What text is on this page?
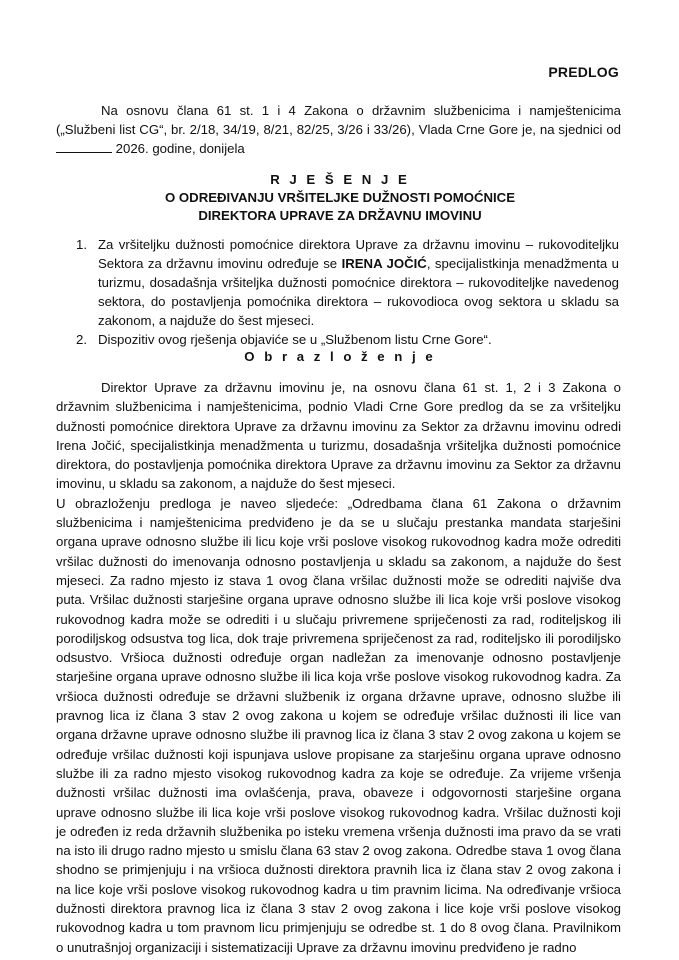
PREDLOG

Na osnovu člana 61 st. 1 i 4 Zakona o državnim službenicima i namještenicima („Službeni list CG“, br. 2/18, 34/19, 8/21, 82/25, 3/26 i 33/26), Vlada Crne Gore je, na sjednici od  2026. godine, donijela

R J E Š E N J E
O ODREĐIVANJU VRŠITELJKE DUŽNOSTI POMOĆNICE
DIREKTORA UPRAVE ZA DRŽAVNU IMOVINU
1. Za vršiteljku dužnosti pomoćnice direktora Uprave za državnu imovinu – rukovoditeljku Sektora za državnu imovinu određuje se IRENA JOČIĆ, specijalistkinja menadžmenta u turizmu, dosadašnja vršiteljka dužnosti pomoćnice direktora – rukovoditeljke navedenog sektora, do postavljenja pomoćnika direktora – rukovodioca ovog sektora u skladu sa zakonom, a najduže do šest mjeseci.
2. Dispozitiv ovog rješenja objaviće se u „Službenom listu Crne Gore“.
O b r a z l o ž e n j e

Direktor Uprave za državnu imovinu je, na osnovu člana 61 st. 1, 2 i 3 Zakona o državnim službenicima i namještenicima, podnio Vladi Crne Gore predlog da se za vršiteljku dužnosti pomoćnice direktora Uprave za državnu imovinu za Sektor za državnu imovinu odredi Irena Jočić, specijalistkinja menadžmenta u turizmu, dosadašnja vršiteljka dužnosti pomoćnice direktora, do postavljenja pomoćnika direktora Uprave za državnu imovinu za Sektor za državnu imovinu, u skladu sa zakonom, a najduže do šest mjeseci.

U obrazloženju predloga je naveo sljedeće: „Odredbama člana 61 Zakona o državnim službenicima i namještenicima predviđeno je da se u slučaju prestanka mandata starješini organa uprave odnosno službe ili licu koje vrši poslove visokog rukovodnog kadra može odrediti vršilac dužnosti do imenovanja odnosno postavljenja u skladu sa zakonom, a najduže do šest mjeseci. Za radno mjesto iz stava 1 ovog člana vršilac dužnosti može se odrediti najviše dva puta. Vršilac dužnosti starješine organa uprave odnosno službe ili lica koje vrši poslove visokog rukovodnog kadra može se odrediti i u slučaju privremene spriječenosti za rad, roditeljskog ili porodiljskog odsustva tog lica, dok traje privremena spriječenost za rad, roditeljsko ili porodiljsko odsustvo. Vršioca dužnosti određuje organ nadležan za imenovanje odnosno postavljenje starješine organa uprave odnosno službe ili lica koja vrše poslove visokog rukovodnog kadra. Za vršioca dužnosti određuje se državni službenik iz organa državne uprave, odnosno službe ili pravnog lica iz člana 3 stav 2 ovog zakona u kojem se određuje vršilac dužnosti ili lice van organa državne uprave odnosno službe ili pravnog lica iz člana 3 stav 2 ovog zakona u kojem se određuje vršilac dužnosti koji ispunjava uslove propisane za starješinu organa uprave odnosno službe ili za radno mjesto visokog rukovodnog kadra za koje se određuje. Za vrijeme vršenja dužnosti vršilac dužnosti ima ovlašćenja, prava, obaveze i odgovornosti starješine organa uprave odnosno službe ili lica koje vrši poslove visokog rukovodnog kadra. Vršilac dužnosti koji je određen iz reda državnih službenika po isteku vremena vršenja dužnosti ima pravo da se vrati na isto ili drugo radno mjesto u smislu člana 63 stav 2 ovog zakona. Odredbe stava 1 ovog člana shodno se primjenjuju i na vršioca dužnosti direktora pravnih lica iz člana stav 2 ovog zakona i na lice koje vrši poslove visokog rukovodnog kadra u tim pravnim licima. Na određivanje vršioca dužnosti direktora pravnog lica iz člana 3 stav 2 ovog zakona i lice koje vrši poslove visokog rukovodnog kadra u tom pravnom licu primjenjuju se odredbe st. 1 do 8 ovog člana. Pravilnikom o unutrašnjoj organizaciji i sistematizaciji Uprave za državnu imovinu predviđeno je radno
